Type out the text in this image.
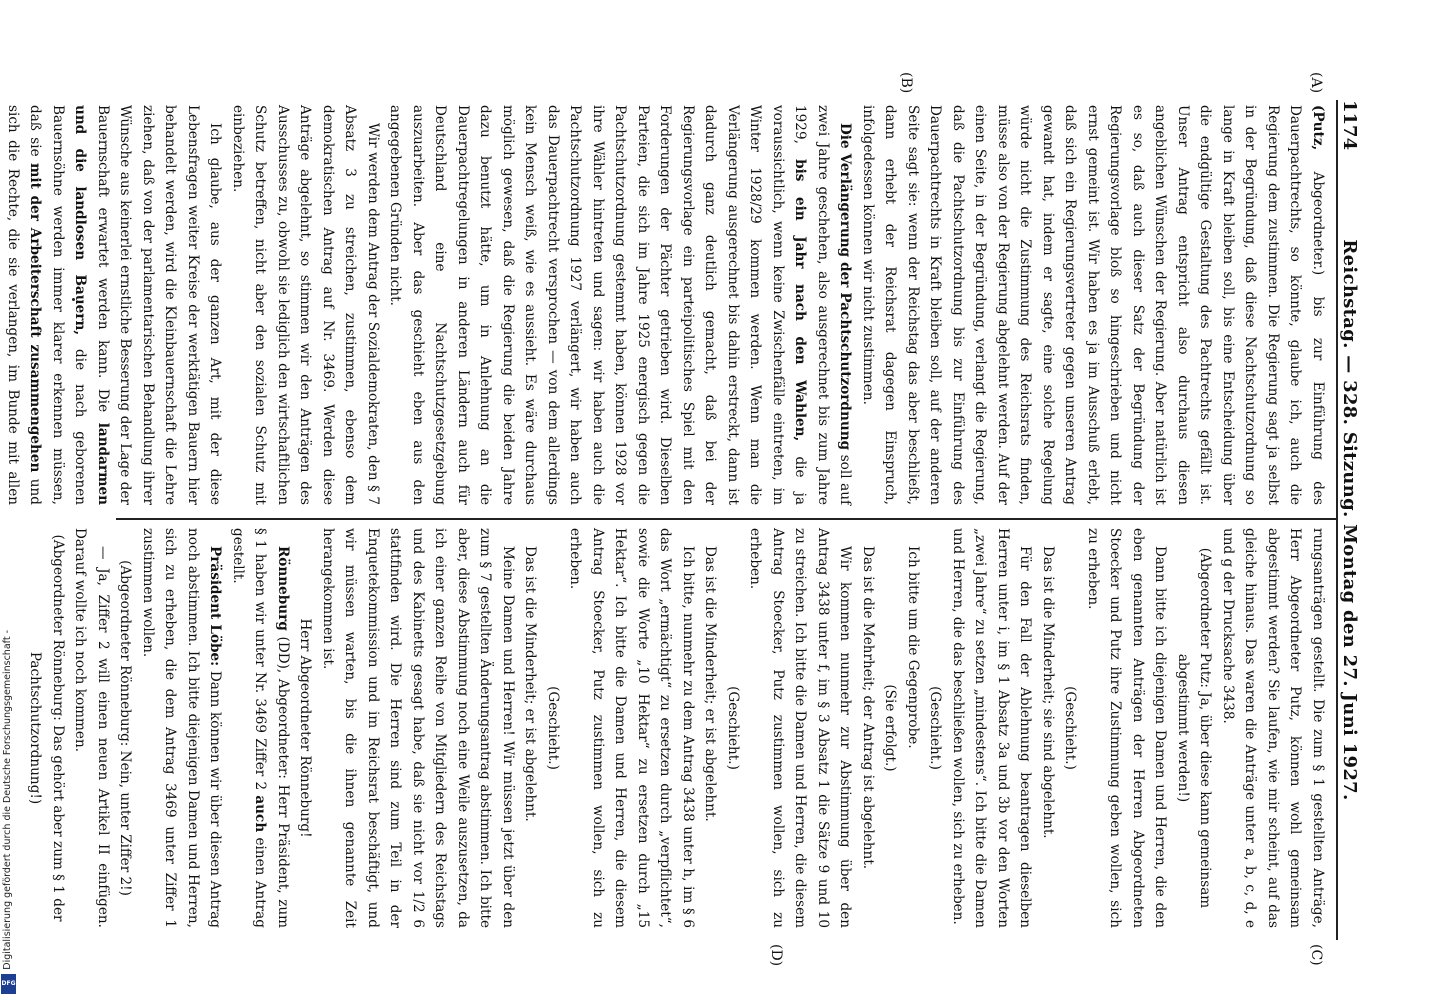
Digitalisierung gefördert durch die Deutsche Forschungsgemeinschaft -
DFG
1174
Reichstag. — 328. Sitzung. Montag den 27. Juni 1927.
(A)
(B)
(C)
(D)

(Putz, Abgeordneter.) bis zur Einführung des Dauerpachtrechts, so könnte, glaube ich, auch die Regierung dem zustimmen. Die Regierung sagt ja selbst in der Begründung, daß diese Nachtschutzordnung so lange in Kraft bleiben soll, bis eine Entscheidung über die endgültige Gestaltung des Pachtrechts gefällt ist. Unser Antrag entspricht also durchaus diesen angeblichen Wünschen der Regierung. Aber natürlich ist es so, daß auch dieser Satz der Begründung der Regierungsvorlage bloß so hingeschrieben und nicht ernst gemeint ist. Wir haben es ja im Ausschuß erlebt, daß sich ein Regierungsvertreter gegen unseren Antrag gewandt hat, indem er sagte, eine solche Regelung würde nicht die Zustimmung des Reichsrats finden, müsse also von der Regierung abgelehnt werden. Auf der einen Seite, in der Begründung, verlangt die Regierung, daß die Pachtschutzordnung bis zur Einführung des Dauerpachtrechts in Kraft bleiben soll, auf der anderen Seite sagt sie: wenn der Reichstag das aber beschließt, dann erhebt der Reichsrat dagegen Einspruch, infolgedessen können wir nicht zustimmen.

Die Verlängerung der Pachtschutzordnung soll auf zwei Jahre geschehen, also ausgerechnet bis zum Jahre 1929, bis ein Jahr nach den Wahlen, die ja voraussichtlich, wenn keine Zwischenfälle eintreten, im Winter 1928/29 kommen werden. Wenn man die Verlängerung ausgerechnet bis dahin erstreckt, dann ist dadurch ganz deutlich gemacht, daß bei der Regierungsvorlage ein parteipolitisches Spiel mit den Forderungen der Pächter getrieben wird. Dieselben Parteien, die sich im Jahre 1925 energisch gegen die Pachtschutzordnung gestemmt haben, können 1928 vor ihre Wähler hintreten und sagen: wir haben auch die Pachtschutzordnung 1927 verlängert, wir haben auch das Dauerpachtrecht versprochen — von dem allerdings kein Mensch weiß, wie es aussieht. Es wäre durchaus möglich gewesen, daß die Regierung die beiden Jahre dazu benutzt hätte, um in Anlehnung an die Dauerpachtregelungen in anderen Ländern auch für Deutschland eine Nachtschutzgesetzgebung auszuarbeiten. Aber das geschieht eben aus den angegebenen Gründen nicht.

Wir werden dem Antrag der Sozialdemokraten, den § 7 Absatz 3 zu streichen, zustimmen, ebenso dem demokratischen Antrag auf Nr. 3469. Werden diese Anträge abgelehnt, so stimmen wir den Anträgen des Ausschusses zu, obwohl sie lediglich den wirtschaftlichen Schutz betreffen, nicht aber den sozialen Schutz mit einbeziehen.

Ich glaube, aus der ganzen Art, mit der diese Lebensfragen weiter Kreise der werktätigen Bauern hier behandelt werden, wird die Kleinbauernschaft die Lehre ziehen, daß von der parlamentarischen Behandlung ihrer Wünsche aus keinerlei ernstliche Besserung der Lage der Bauernschaft erwartet werden kann. Die landarmen und die landlosen Bauern, die nach geborenen Bauernsöhne werden immer klarer erkennen müssen, daß sie mit der Arbeiterschaft zusammengehen und sich die Rechte, die sie verlangen, im Bunde mit allen

rungsanträgen gestellt. Die zum § 1 gestellten Anträge, Herr Abgeordneter Putz, können wohl gemeinsam abgestimmt werden? Sie laufen, wie mir scheint, auf das gleiche hinaus. Das waren die Anträge unter a, b, c, d, e und g der Drucksache 3438.

(Abgeordneter Putz: Ja, über diese kann gemeinsam abgestimmt werden!)

Dann bitte ich diejenigen Damen und Herren, die den eben genannten Anträgen der Herren Abgeordneten Stoecker und Putz ihre Zustimmung geben wollen, sich zu erheben.

(Geschieht.)

Das ist die Minderheit; sie sind abgelehnt.

Für den Fall der Ablehnung beantragen dieselben Herren unter i, im § 1 Absatz 3a und 3b vor den Worten „zwei Jahre“ zu setzen „mindestens“. Ich bitte die Damen und Herren, die das beschließen wollen, sich zu erheben.

(Geschieht.)

Ich bitte um die Gegenprobe.

(Sie erfolgt.)

Das ist die Mehrheit; der Antrag ist abgelehnt.

Wir kommen nunmehr zur Abstimmung über den Antrag 3438 unter f, im § 3 Absatz 1 die Sätze 9 und 10 zu streichen. Ich bitte die Damen und Herren, die diesem Antrag Stoecker, Putz zustimmen wollen, sich zu erheben.

(Geschieht.)

Das ist die Minderheit; er ist abgelehnt.

Ich bitte, nunmehr zu dem Antrag 3438 unter h, im § 6 das Wort „ermächtigt“ zu ersetzen durch „verpflichtet“, sowie die Worte „10 Hektar“ zu ersetzen durch „15 Hektar“. Ich bitte die Damen und Herren, die diesem Antrag Stoecker, Putz zustimmen wollen, sich zu erheben.

(Geschieht.)

Das ist die Minderheit; er ist abgelehnt.

Meine Damen und Herren! Wir müssen jetzt über den zum § 7 gestellten Änderungsantrag abstimmen. Ich bitte aber, diese Abstimmung noch eine Weile auszusetzen, da ich einer ganzen Reihe von Mitgliedern des Reichstags und des Kabinetts gesagt habe, daß sie nicht vor 1/2 6 stattfinden wird. Die Herren sind zum Teil in der Enquetekommission und im Reichsrat beschäftigt, und wir müssen warten, bis die ihnen genannte Zeit herangekommen ist.

Herr Abgeordneter Rönneburg!

Rönneburg (DD), Abgeordneter: Herr Präsident, zum § 1 haben wir unter Nr. 3469 Ziffer 2 auch einen Antrag gestellt.

Präsident Löbe: Dann können wir über diesen Antrag noch abstimmen. Ich bitte diejenigen Damen und Herren, sich zu erheben, die dem Antrag 3469 unter Ziffer 1 zustimmen wollen.

(Abgeordneter Rönneburg: Nein, unter Ziffer 2!)

— Ja, Ziffer 2 will einen neuen Artikel II einfügen. Darauf wollte ich noch kommen.

(Abgeordneter Rönneburg: Das gehört aber zum § 1 der Pachtschutzordnung!)
